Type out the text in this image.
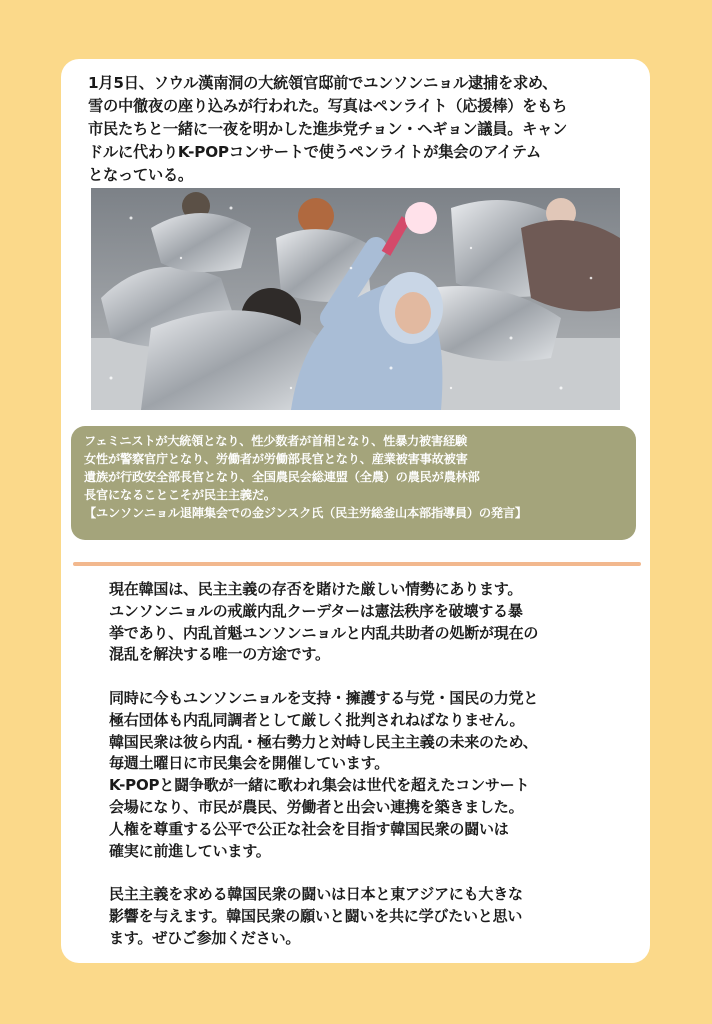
1月5日、ソウル漢南洞の大統領官邸前でユンソンニョル逮捕を求め、
雪の中徹夜の座り込みが行われた。写真はペンライト（応援棒）をもち
市民たちと一緒に一夜を明かした進歩党チョン・ヘギョン議員。キャン
ドルに代わりK-POPコンサートで使うペンライトが集会のアイテム
となっている。
フェミニストが大統領となり、性少数者が首相となり、性暴力被害経験
女性が警察官庁となり、労働者が労働部長官となり、産業被害事故被害
遺族が行政安全部長官となり、全国農民会総連盟（全農）の農民が農林部
長官になることこそが民主主義だ。
【ユンソンニョル退陣集会での金ジンスク氏（民主労総釜山本部指導員）の発言】
現在韓国は、民主主義の存否を賭けた厳しい情勢にあります。
ユンソンニョルの戒厳内乱クーデターは憲法秩序を破壊する暴
挙であり、内乱首魁ユンソンニョルと内乱共助者の処断が現在の
混乱を解決する唯一の方途です。
同時に今もユンソンニョルを支持・擁護する与党・国民の力党と
極右団体も内乱同調者として厳しく批判されねばなりません。
韓国民衆は彼ら内乱・極右勢力と対峙し民主主義の未来のため、
毎週土曜日に市民集会を開催しています。
K-POPと闘争歌が一緒に歌われ集会は世代を超えたコンサート
会場になり、市民が農民、労働者と出会い連携を築きました。
人権を尊重する公平で公正な社会を目指す韓国民衆の闘いは
確実に前進しています。
民主主義を求める韓国民衆の闘いは日本と東アジアにも大きな
影響を与えます。韓国民衆の願いと闘いを共に学びたいと思い
ます。ぜひご参加ください。
